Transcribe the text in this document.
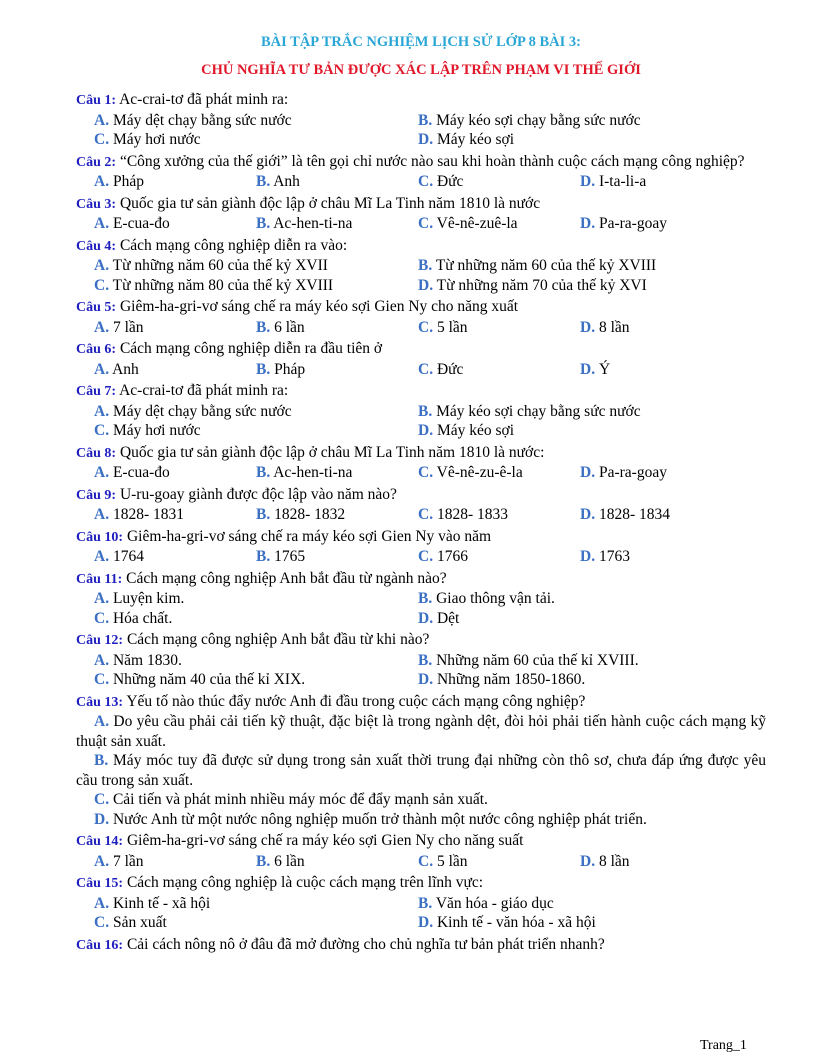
BÀI TẬP TRẮC NGHIỆM LỊCH SỬ LỚP 8 BÀI 3:
CHỦ NGHĨA TƯ BẢN ĐƯỢC XÁC LẬP TRÊN PHẠM VI THẾ GIỚI
Câu 1: Ac-crai-tơ đã phát minh ra:
A. Máy dệt chạy bằng sức nước	B. Máy kéo sợi chạy bằng sức nước
C. Máy hơi nước	D. Máy kéo sợi
Câu 2: “Công xưởng của thế giới” là tên gọi chỉ nước nào sau khi hoàn thành cuộc cách mạng công nghiệp?
A. Pháp	B. Anh	C. Đức	D. I-ta-li-a
Câu 3: Quốc gia tư sản giành độc lập ở châu Mĩ La Tinh năm 1810 là nước
A. E-cua-đo	B. Ac-hen-ti-na	C. Vê-nê-zuê-la	D. Pa-ra-goay
Câu 4: Cách mạng công nghiệp diễn ra vào:
A. Từ những năm 60 của thế kỷ XVII	B. Từ những năm 60 của thế kỷ XVIII
C. Từ những năm 80 của thế kỷ XVIII	D. Từ những năm 70 của thế kỷ XVI
Câu 5: Giêm-ha-gri-vơ sáng chế ra máy kéo sợi Gien Ny cho năng xuất
A. 7 lần	B. 6 lần	C. 5 lần	D. 8 lần
Câu 6: Cách mạng công nghiệp diễn ra đầu tiên ở
A. Anh	B. Pháp	C. Đức	D. Ý
Câu 7: Ac-crai-tơ đã phát minh ra:
A. Máy dệt chạy bằng sức nước	B. Máy kéo sợi chạy bằng sức nước
C. Máy hơi nước	D. Máy kéo sợi
Câu 8: Quốc gia tư sản giành độc lập ở châu Mĩ La Tinh năm 1810 là nước:
A. E-cua-đo	B. Ac-hen-ti-na	C. Vê-nê-zu-ê-la	D. Pa-ra-goay
Câu 9: U-ru-goay giành được độc lập vào năm nào?
A. 1828- 1831	B. 1828- 1832	C. 1828- 1833	D. 1828- 1834
Câu 10: Giêm-ha-gri-vơ sáng chế ra máy kéo sợi Gien Ny vào năm
A. 1764	B. 1765	C. 1766	D. 1763
Câu 11: Cách mạng công nghiệp Anh bắt đầu từ ngành nào?
A. Luyện kim.	B. Giao thông vận tải.
C. Hóa chất.	D. Dệt
Câu 12: Cách mạng công nghiệp Anh bắt đầu từ khi nào?
A. Năm 1830.	B. Những năm 60 của thế kỉ XVIII.
C. Những năm 40 của thế kỉ XIX.	D. Những năm 1850-1860.
Câu 13: Yếu tố nào thúc đẩy nước Anh đi đầu trong cuộc cách mạng công nghiệp?
A. Do yêu cầu phải cải tiến kỹ thuật, đặc biệt là trong ngành dệt, đòi hỏi phải tiến hành cuộc cách mạng kỹ thuật sản xuất.
B. Máy móc tuy đã được sử dụng trong sản xuất thời trung đại những còn thô sơ, chưa đáp ứng được yêu cầu trong sản xuất.
C. Cải tiến và phát minh nhiều máy móc để đẩy mạnh sản xuất.
D. Nước Anh từ một nước nông nghiệp muốn trở thành một nước công nghiệp phát triển.
Câu 14: Giêm-ha-gri-vơ sáng chế ra máy kéo sợi Gien Ny cho năng suất
A. 7 lần	B. 6 lần	C. 5 lần	D. 8 lần
Câu 15: Cách mạng công nghiệp là cuộc cách mạng trên lĩnh vực:
A. Kinh tế - xã hội	B. Văn hóa - giáo dục
C. Sản xuất	D. Kinh tế - văn hóa - xã hội
Câu 16: Cải cách nông nô ở đâu đã mở đường cho chủ nghĩa tư bản phát triển nhanh?
Trang_1
